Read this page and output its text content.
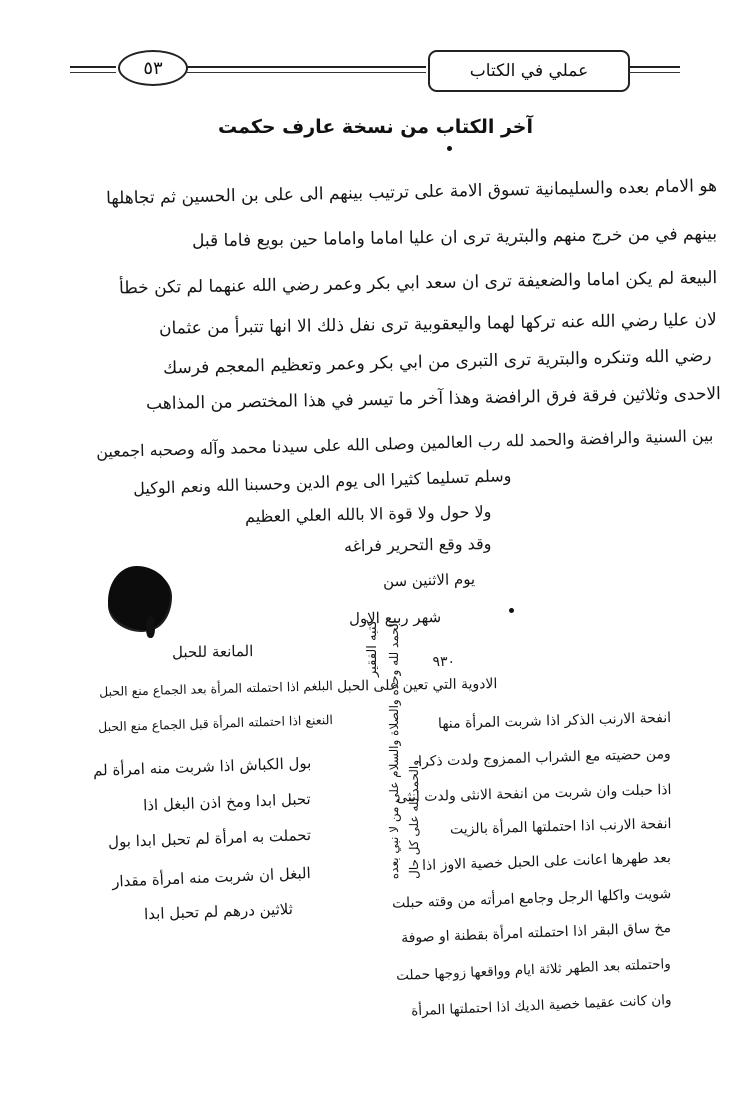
٥٣	عملي في الكتاب
آخر الكتاب من نسخة عارف حكمت
هو الامام بعده والسليمانية تسوق الامة على ترتيب بينهم الى على بن الحسين ثم تجاهلها
بينهم في من خرج منهم والبترية ترى ان عليا اماما واماما حين بويع فاما قبل
البيعة لم يكن اماما والضعيفة ترى ان سعد ابي بكر وعمر رضي الله عنهما لم تكن خطأ
لان عليا رضي الله عنه تركها لهما واليعقوبية ترى نفل ذلك الا انها تتبرأ من عثمان
رضي الله وتنكره والبترية ترى التبرى من ابي بكر وعمر وتعظيم المعجم فرسك
الاحدى وثلاثين فرقة فرق الرافضة وهذا آخر ما تيسر في هذا المختصر من المذاهب
بين السنية والرافضة والحمد لله رب العالمين وصلى الله على سيدنا محمد وآله وصحبه اجمعين
وسلم تسليما كثيرا الى يوم الدين وحسبنا الله ونعم الوكيل
ولا حول ولا قوة الا بالله العلي العظيم
وقد وقع التحرير فراغه
يوم الاثنين سن
شهر ربيع الاول
المانعة للحبل
البلغم اذا احتملته المرأة بعد الجماع منع الحبل
النعنع اذا احتملته المرأة قبل الجماع منع الحبل
بول الكباش اذا شربت منه امرأة لم
تحبل ابدا ومخ اذن البغل اذا
تحملت به امرأة لم تحبل ابدا بول
البغل ان شربت منه امرأة مقدار
ثلاثين درهم لم تحبل ابدا
كتبه الفقير الحمد لله وحده والصلاة والسلام على من لا نبي بعده والحمد لله على كل حال
٩٣٠
الادوية التي تعين على الحبل
انفحة الارنب الذكر اذا شربت المرأة منها
ومن حضيته مع الشراب الممزوج ولدت ذكرا
اذا حبلت وان شربت من انفحة الانثى ولدت انثى
انفحة الارنب اذا احتملتها المرأة بالزيت
بعد طهرها اعانت على الحبل خصية الاوز اذا
شويت واكلها الرجل وجامع امرأته من وقته حبلت
مخ ساق البقر اذا احتملته امرأة بقطنة او صوفة
واحتملته بعد الطهر ثلاثة ايام وواقعها زوجها حملت
وان كانت عقيما خصية الديك اذا احتملتها المرأة
